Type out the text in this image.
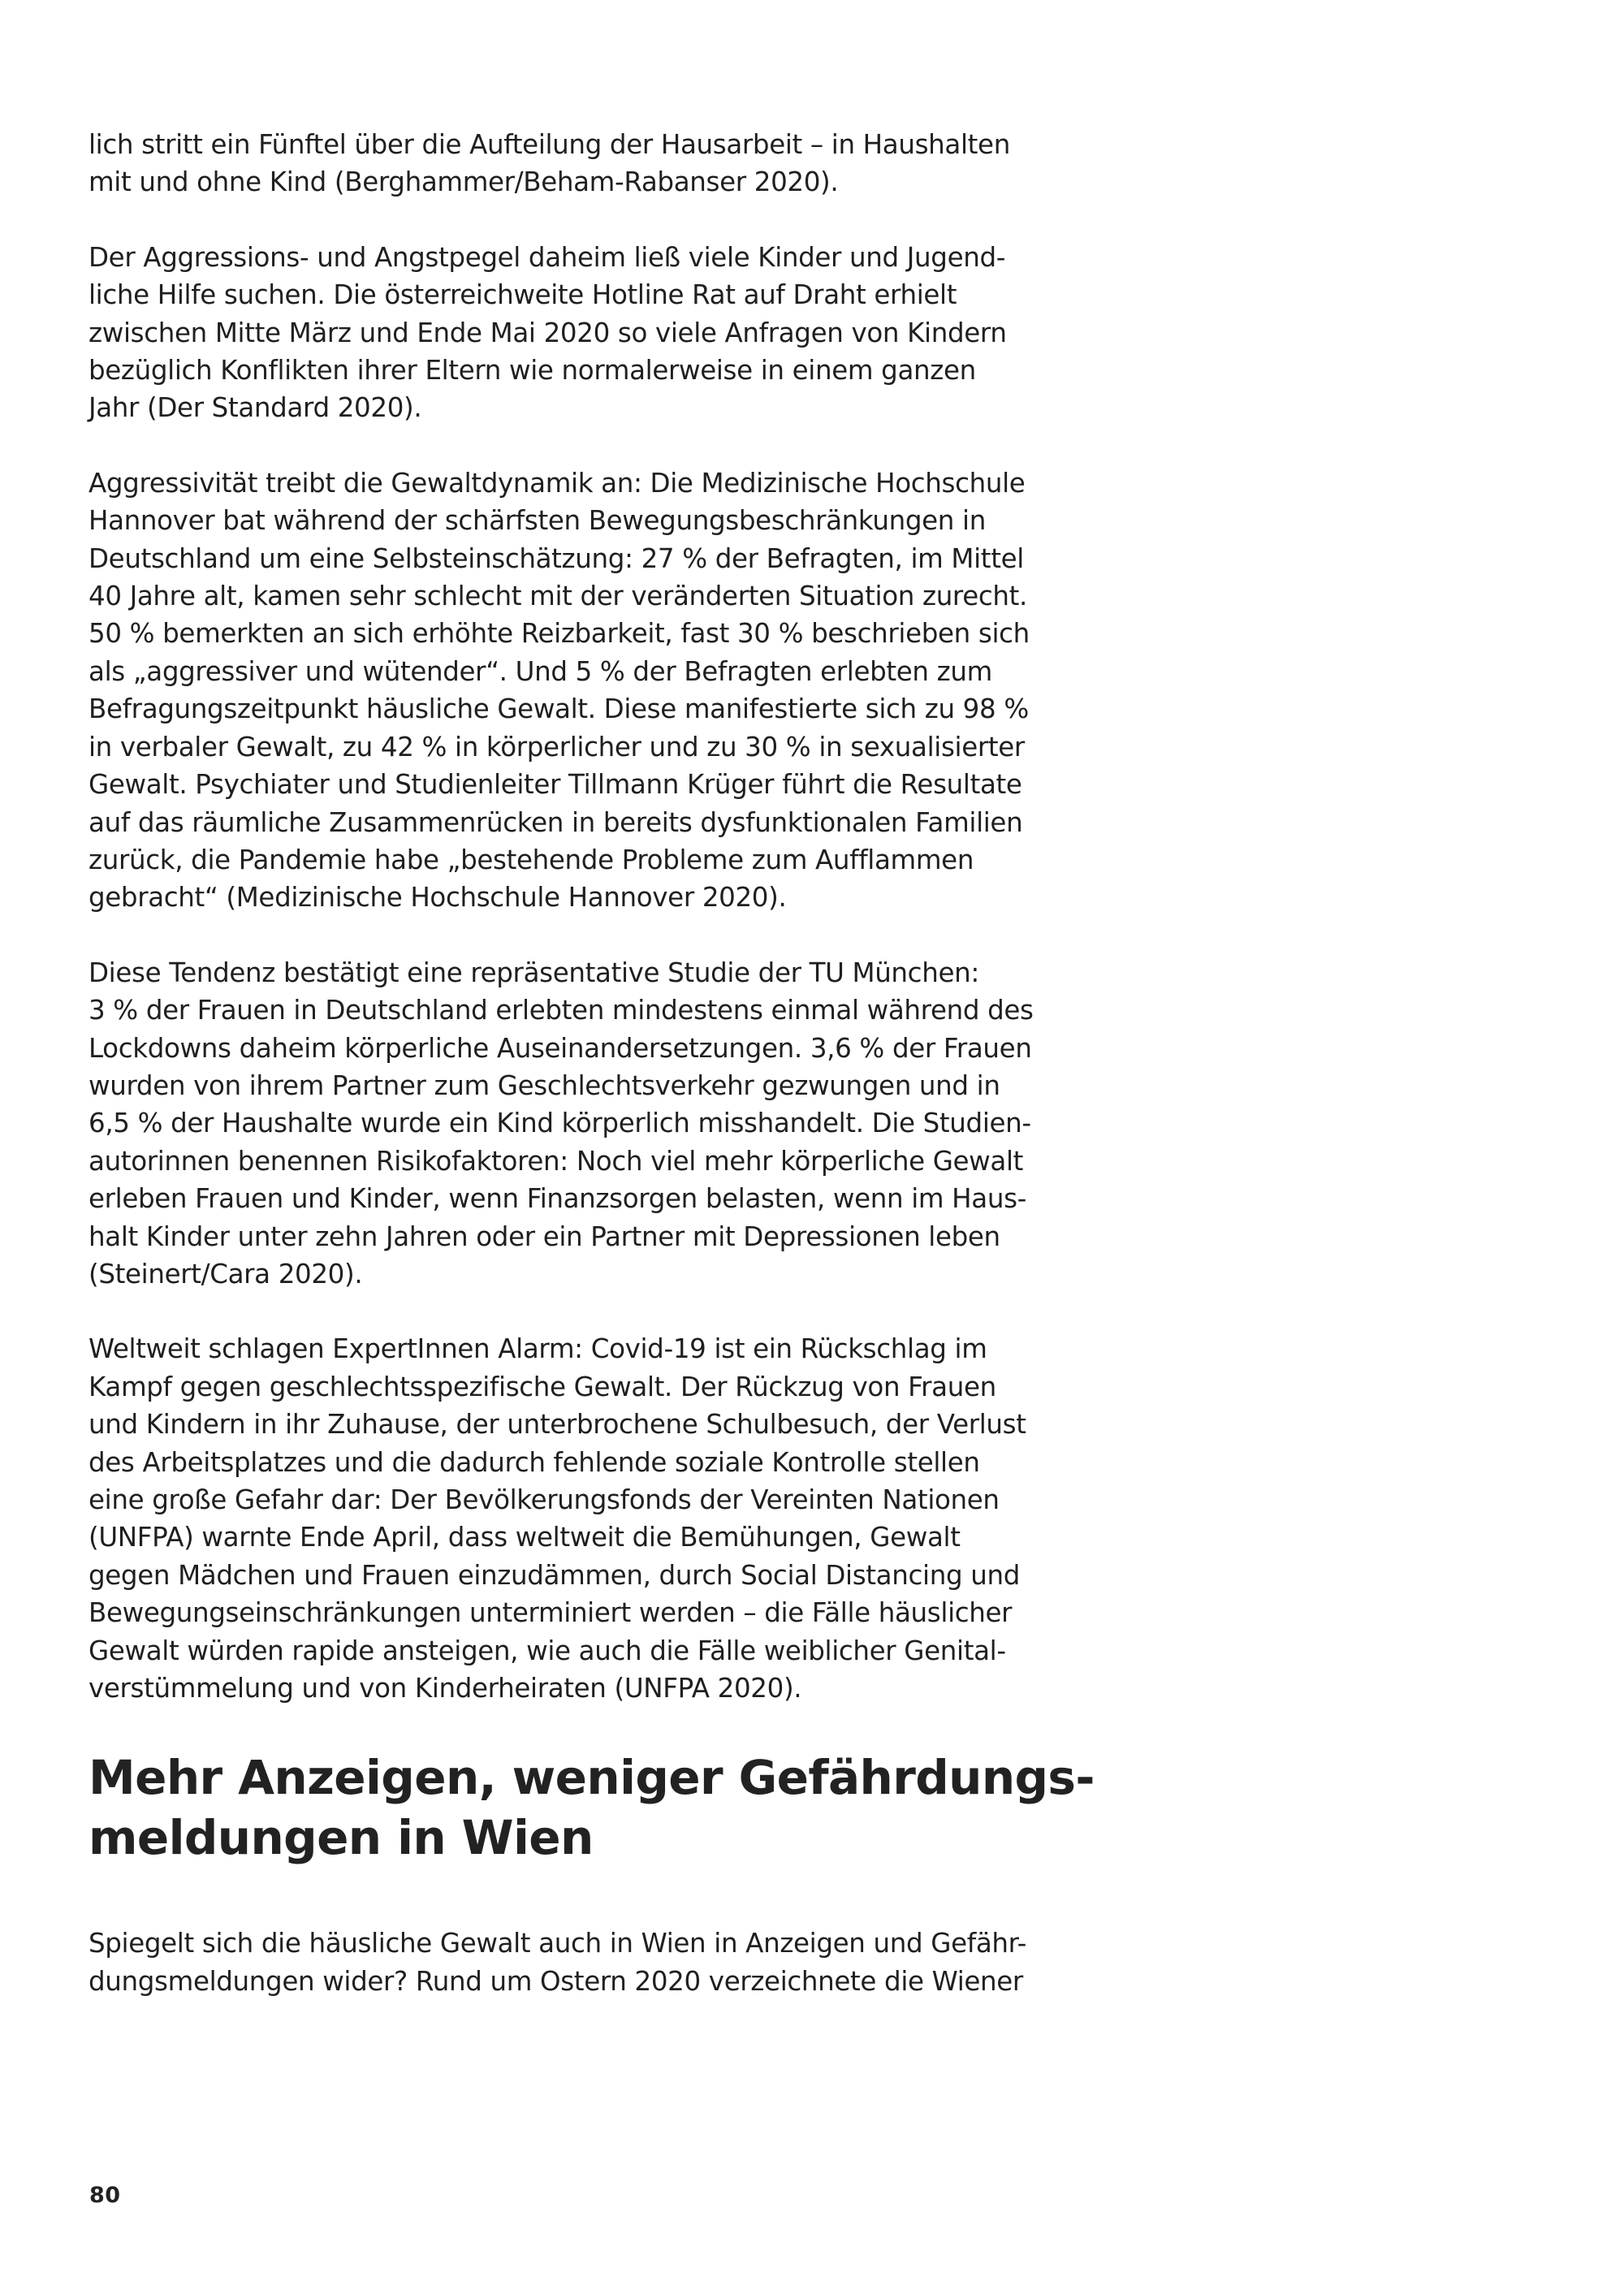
lich stritt ein Fünftel über die Aufteilung der Hausarbeit – in Haushalten
mit und ohne Kind (Berghammer/Beham-Rabanser 2020).

Der Aggressions- und Angstpegel daheim ließ viele Kinder und Jugend-
liche Hilfe suchen. Die österreichweite Hotline Rat auf Draht erhielt
zwischen Mitte März und Ende Mai 2020 so viele Anfragen von Kindern
bezüglich Konflikten ihrer Eltern wie normalerweise in einem ganzen
Jahr (Der Standard 2020).

Aggressivität treibt die Gewaltdynamik an: Die Medizinische Hochschule
Hannover bat während der schärfsten Bewegungsbeschränkungen in
Deutschland um eine Selbsteinschätzung: 27 % der Befragten, im Mittel
40 Jahre alt, kamen sehr schlecht mit der veränderten Situation zurecht.
50 % bemerkten an sich erhöhte Reizbarkeit, fast 30 % beschrieben sich
als „aggressiver und wütender“. Und 5 % der Befragten erlebten zum
Befragungszeitpunkt häusliche Gewalt. Diese manifestierte sich zu 98 %
in verbaler Gewalt, zu 42 % in körperlicher und zu 30 % in sexualisierter
Gewalt. Psychiater und Studienleiter Tillmann Krüger führt die Resultate
auf das räumliche Zusammenrücken in bereits dysfunktionalen Familien
zurück, die Pandemie habe „bestehende Probleme zum Aufflammen
gebracht“ (Medizinische Hochschule Hannover 2020).

Diese Tendenz bestätigt eine repräsentative Studie der TU München:
3 % der Frauen in Deutschland erlebten mindestens einmal während des
Lockdowns daheim körperliche Auseinandersetzungen. 3,6 % der Frauen
wurden von ihrem Partner zum Geschlechtsverkehr gezwungen und in
6,5 % der Haushalte wurde ein Kind körperlich misshandelt. Die Studien-
autorinnen benennen Risikofaktoren: Noch viel mehr körperliche Gewalt
erleben Frauen und Kinder, wenn Finanzsorgen belasten, wenn im Haus-
halt Kinder unter zehn Jahren oder ein Partner mit Depressionen leben
(Steinert/Cara 2020).

Weltweit schlagen ExpertInnen Alarm: Covid-19 ist ein Rückschlag im
Kampf gegen geschlechtsspezifische Gewalt. Der Rückzug von Frauen
und Kindern in ihr Zuhause, der unterbrochene Schulbesuch, der Verlust
des Arbeitsplatzes und die dadurch fehlende soziale Kontrolle stellen
eine große Gefahr dar: Der Bevölkerungsfonds der Vereinten Nationen
(UNFPA) warnte Ende April, dass weltweit die Bemühungen, Gewalt
gegen Mädchen und Frauen einzudämmen, durch Social Distancing und
Bewegungseinschränkungen unterminiert werden – die Fälle häuslicher
Gewalt würden rapide ansteigen, wie auch die Fälle weiblicher Genital-
verstümmelung und von Kinderheiraten (UNFPA 2020).

Mehr Anzeigen, weniger Gefährdungs-
meldungen in Wien

Spiegelt sich die häusliche Gewalt auch in Wien in Anzeigen und Gefähr-
dungsmeldungen wider? Rund um Ostern 2020 verzeichnete die Wiener

80
